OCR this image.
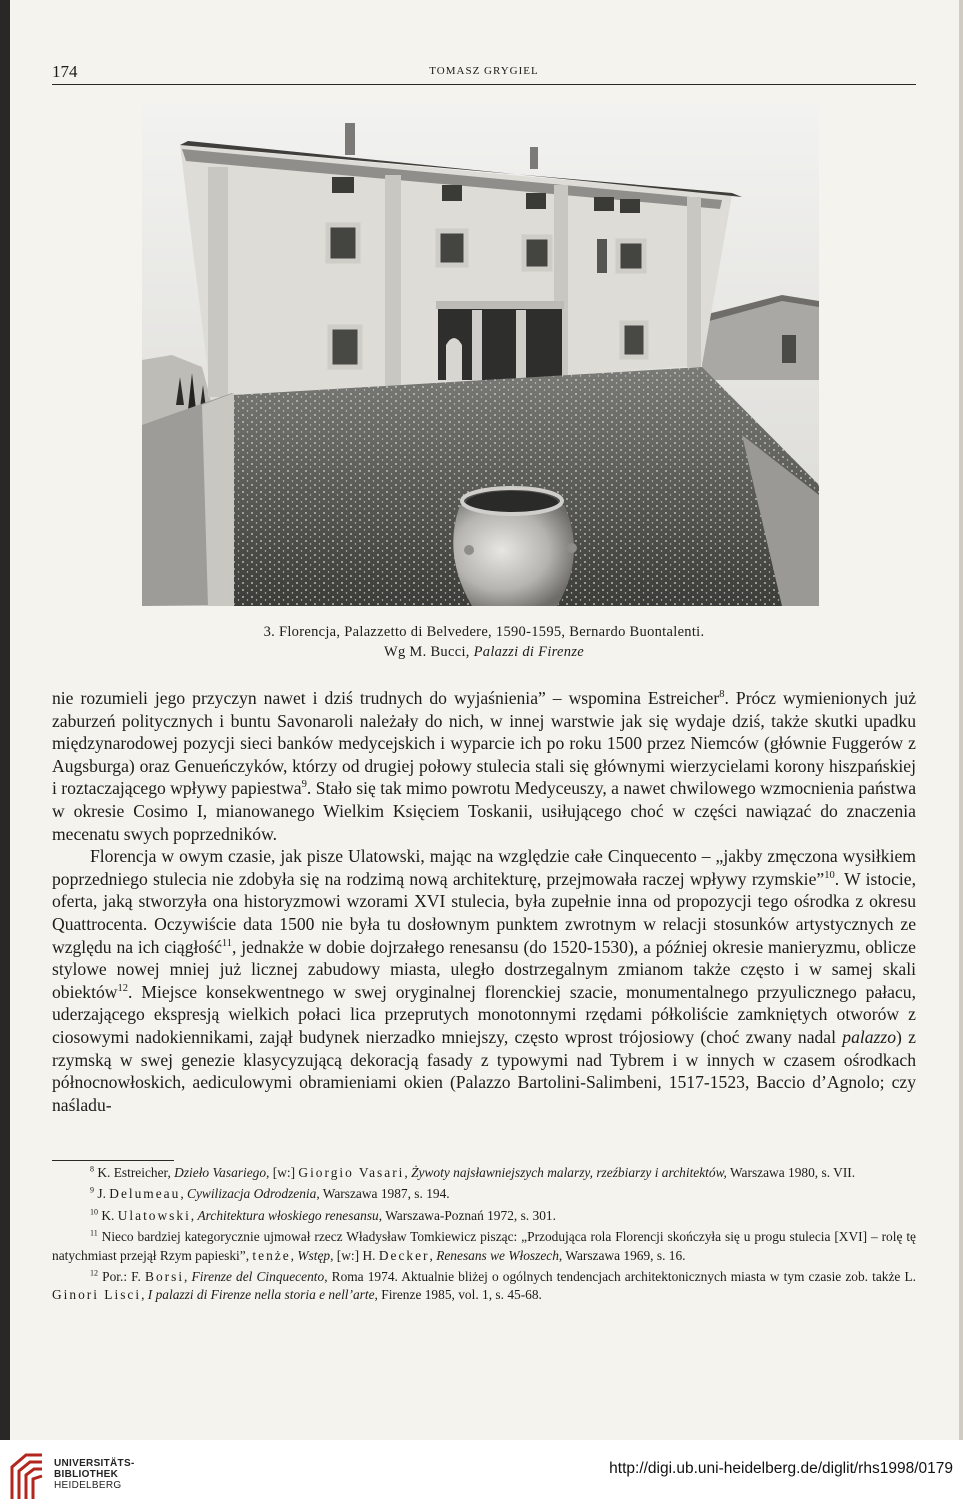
174	TOMASZ GRYGIEL
3. Florencja, Palazzetto di Belvedere, 1590-1595, Bernardo Buontalenti.
Wg M. Bucci, Palazzi di Firenze

nie rozumieli jego przyczyn nawet i dziś trudnych do wyjaśnienia” – wspomina Estreicher$^8$. Prócz wymienionych już zaburzeń politycznych i buntu Savonaroli należały do nich, w innej warstwie jak się wydaje dziś, także skutki upadku międzynarodowej pozycji sieci banków medycejskich i wyparcie ich po roku 1500 przez Niemców (głównie Fuggerów z Augsburga) oraz Genueńczyków, którzy od drugiej połowy stulecia stali się głównymi wierzycielami korony hiszpańskiej i roztaczającego wpływy papiestwa$^9$. Stało się tak mimo powrotu Medyceuszy, a nawet chwilowego wzmocnienia państwa w okresie Cosimo I, mianowanego Wielkim Księciem Toskanii, usiłującego choć w części nawiązać do znaczenia mecenatu swych poprzedników.

Florencja w owym czasie, jak pisze Ulatowski, mając na względzie całe Cinquecento – „jakby zmęczona wysiłkiem poprzedniego stulecia nie zdobyła się na rodzimą nową architekturę, przejmowała raczej wpływy rzymskie”$^{10}$. W istocie, oferta, jaką stworzyła ona historyzmowi wzorami XVI stulecia, była zupełnie inna od propozycji tego ośrodka z okresu Quattrocenta. Oczywiście data 1500 nie była tu dosłownym punktem zwrotnym w relacji stosunków artystycznych ze względu na ich ciągłość$^{11}$, jednakże w dobie dojrzałego renesansu (do 1520-1530), a później okresie manieryzmu, oblicze stylowe nowej mniej już licznej zabudowy miasta, uległo dostrzegalnym zmianom także często i w samej skali obiektów$^{12}$. Miejsce konsekwentnego w swej oryginalnej florenckiej szacie, monumentalnego przyulicznego pałacu, uderzającego ekspresją wielkich połaci lica przeprutych monotonnymi rzędami półkoliście zamkniętych otworów z ciosowymi nadokiennikami, zajął budynek nierzadko mniejszy, często wprost trójosiowy (choć zwany nadal palazzo) z rzymską w swej genezie klasycyzującą dekoracją fasady z typowymi nad Tybrem i w innych w czasem ośrodkach północnowłoskich, aediculowymi obramieniami okien (Palazzo Bartolini-Salimbeni, 1517-1523, Baccio d’Agnolo; czy naśladu-

$^8$ K. Estreicher, Dzieło Vasariego, [w:] Giorgio Vasari, Żywoty najsławniejszych malarzy, rzeźbiarzy i architektów, Warszawa 1980, s. VII.

$^9$ J. Delumeau, Cywilizacja Odrodzenia, Warszawa 1987, s. 194.

$^{10}$ K. Ulatowski, Architektura włoskiego renesansu, Warszawa-Poznań 1972, s. 301.

$^{11}$ Nieco bardziej kategorycznie ujmował rzecz Władysław Tomkiewicz pisząc: „Przodująca rola Florencji skończyła się u progu stulecia [XVI] – rolę tę natychmiast przejął Rzym papieski”, tenże, Wstęp, [w:] H. Decker, Renesans we Włoszech, Warszawa 1969, s. 16.

$^{12}$ Por.: F. Borsi, Firenze del Cinquecento, Roma 1974. Aktualnie bliżej o ogólnych tendencjach architektonicznych miasta w tym czasie zob. także L. Ginori Lisci, I palazzi di Firenze nella storia e nell’arte, Firenze 1985, vol. 1, s. 45-68.

UNIVERSITÄTS-
BIBLIOTHEK
HEIDELBERG
http://digi.ub.uni-heidelberg.de/diglit/rhs1998/0179
